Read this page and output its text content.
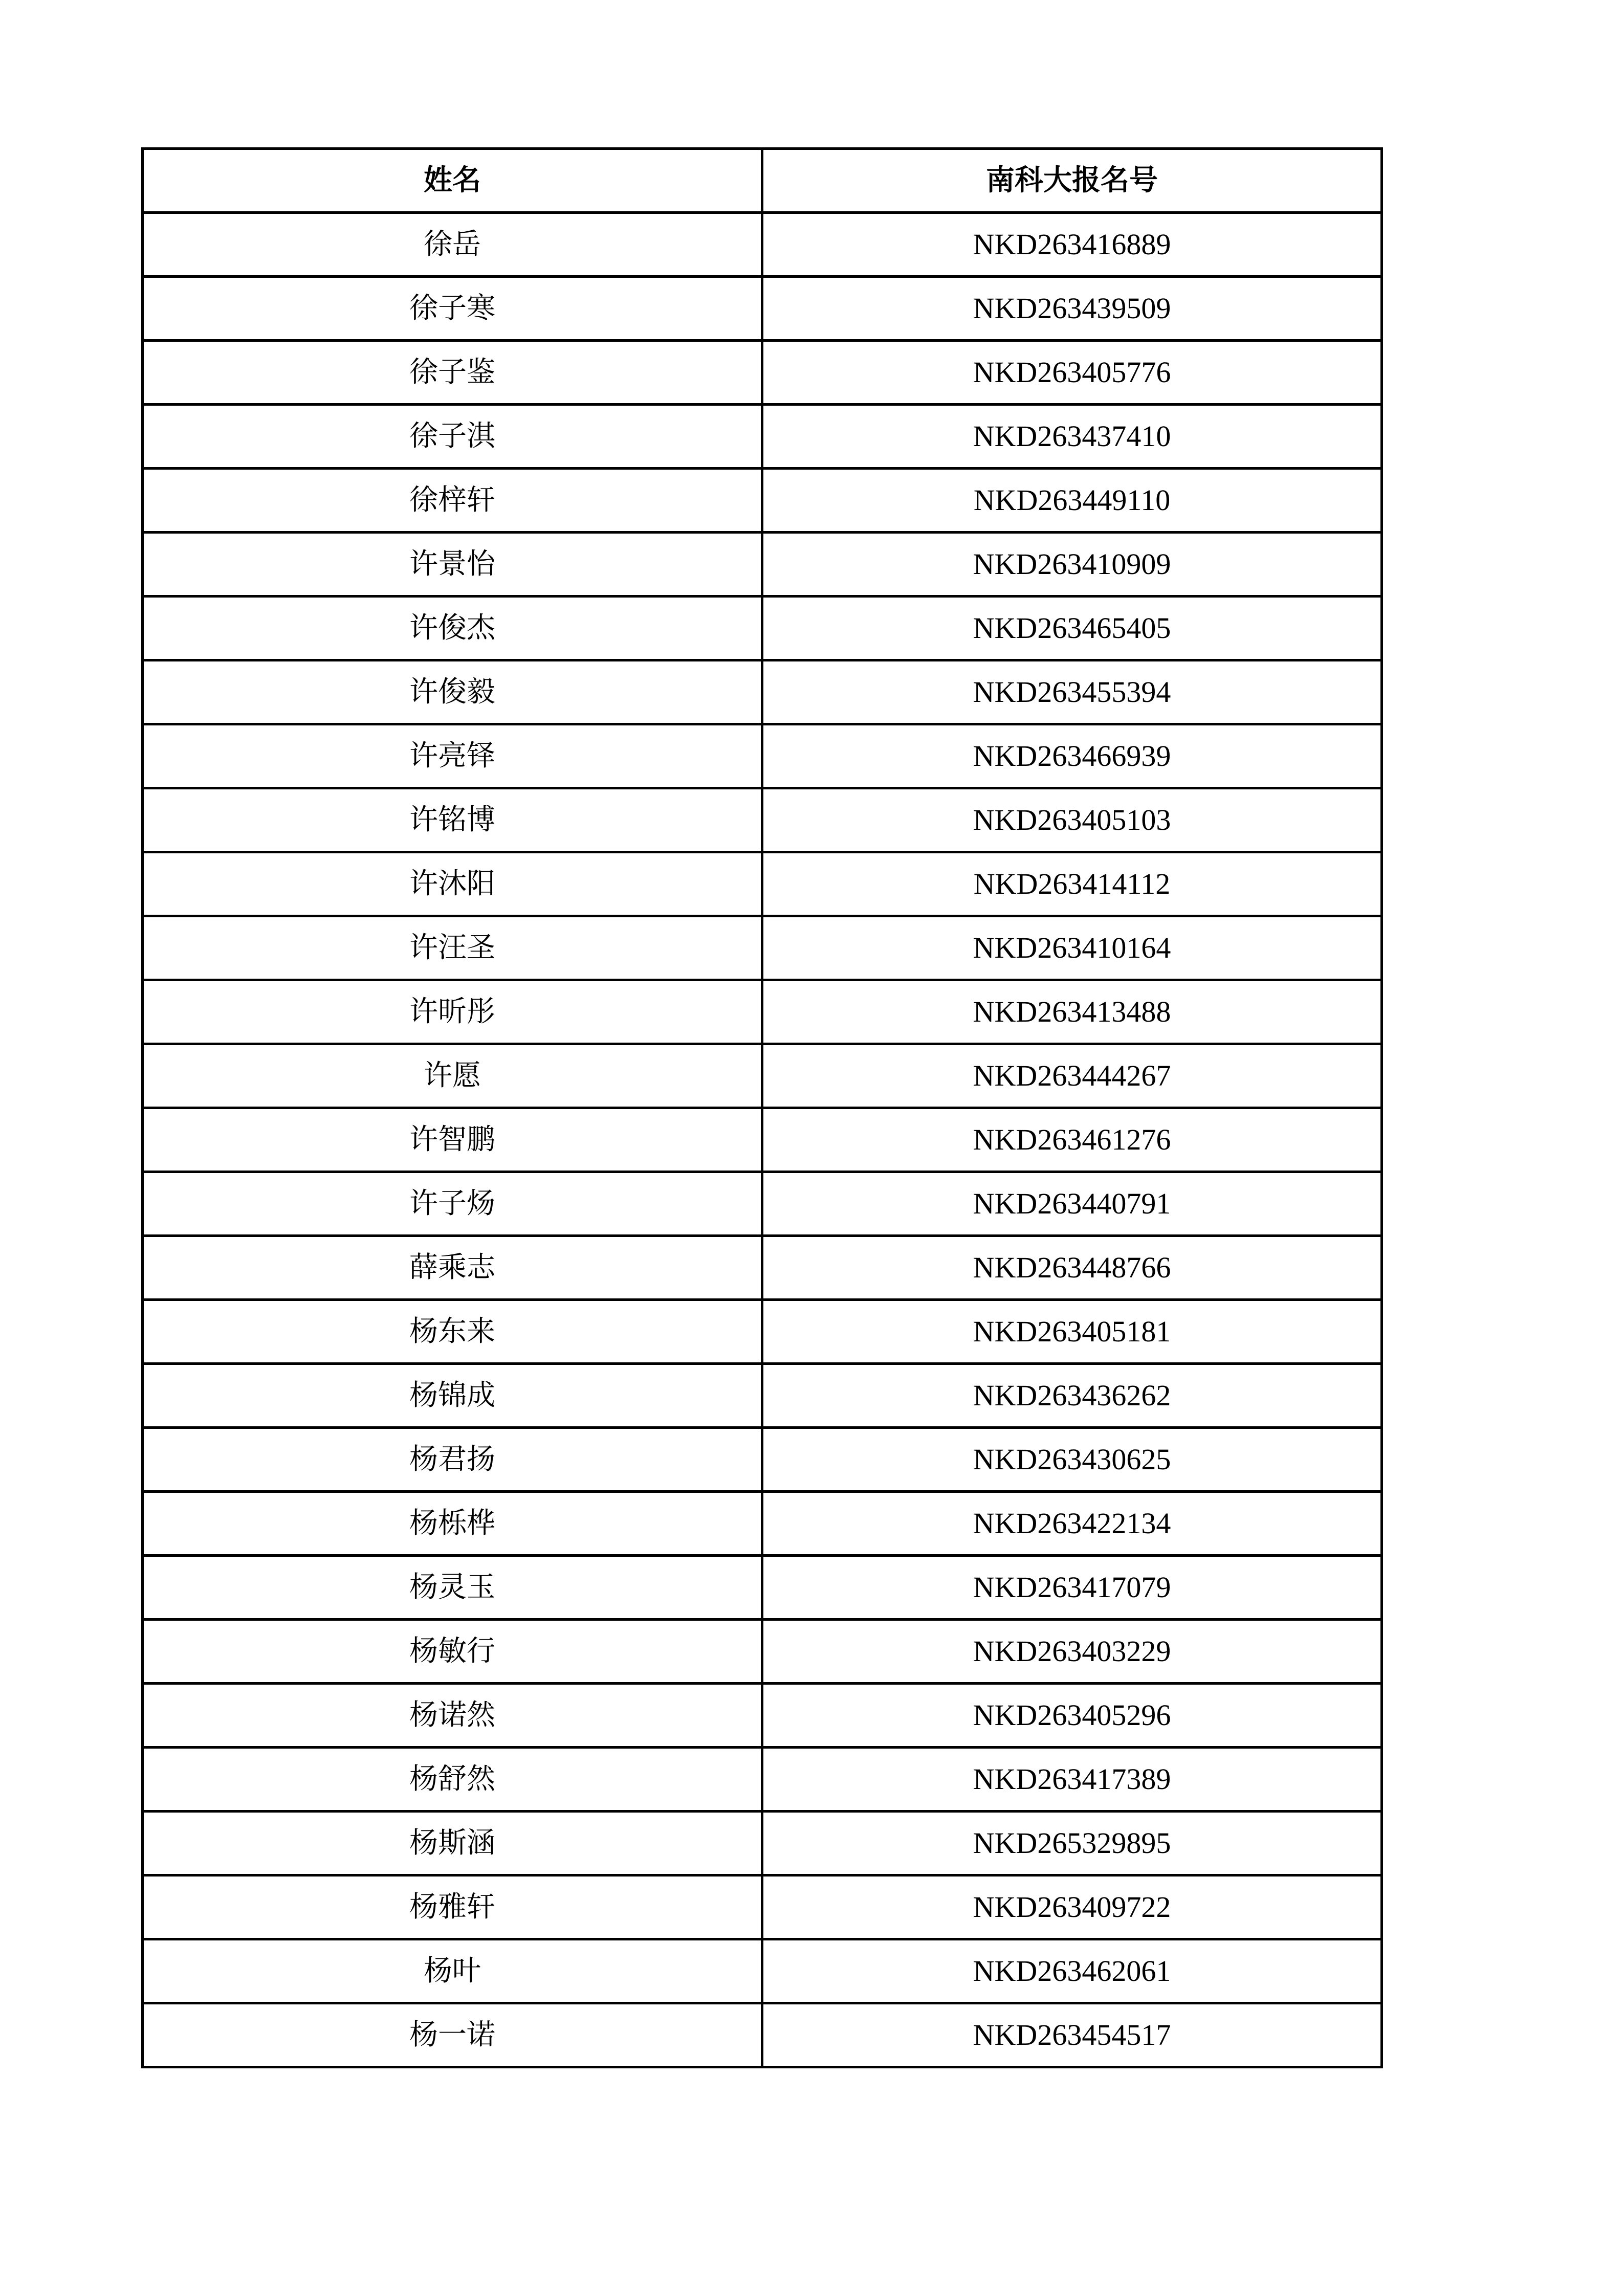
姓名	南科大报名号
徐岳	NKD263416889
徐子寒	NKD263439509
徐子鉴	NKD263405776
徐子淇	NKD263437410
徐梓轩	NKD263449110
许景怡	NKD263410909
许俊杰	NKD263465405
许俊毅	NKD263455394
许亮铎	NKD263466939
许铭博	NKD263405103
许沐阳	NKD263414112
许汪圣	NKD263410164
许昕彤	NKD263413488
许愿	NKD263444267
许智鹏	NKD263461276
许子炀	NKD263440791
薛乘志	NKD263448766
杨东来	NKD263405181
杨锦成	NKD263436262
杨君扬	NKD263430625
杨栎桦	NKD263422134
杨灵玉	NKD263417079
杨敏行	NKD263403229
杨诺然	NKD263405296
杨舒然	NKD263417389
杨斯涵	NKD265329895
杨雅轩	NKD263409722
杨叶	NKD263462061
杨一诺	NKD263454517
